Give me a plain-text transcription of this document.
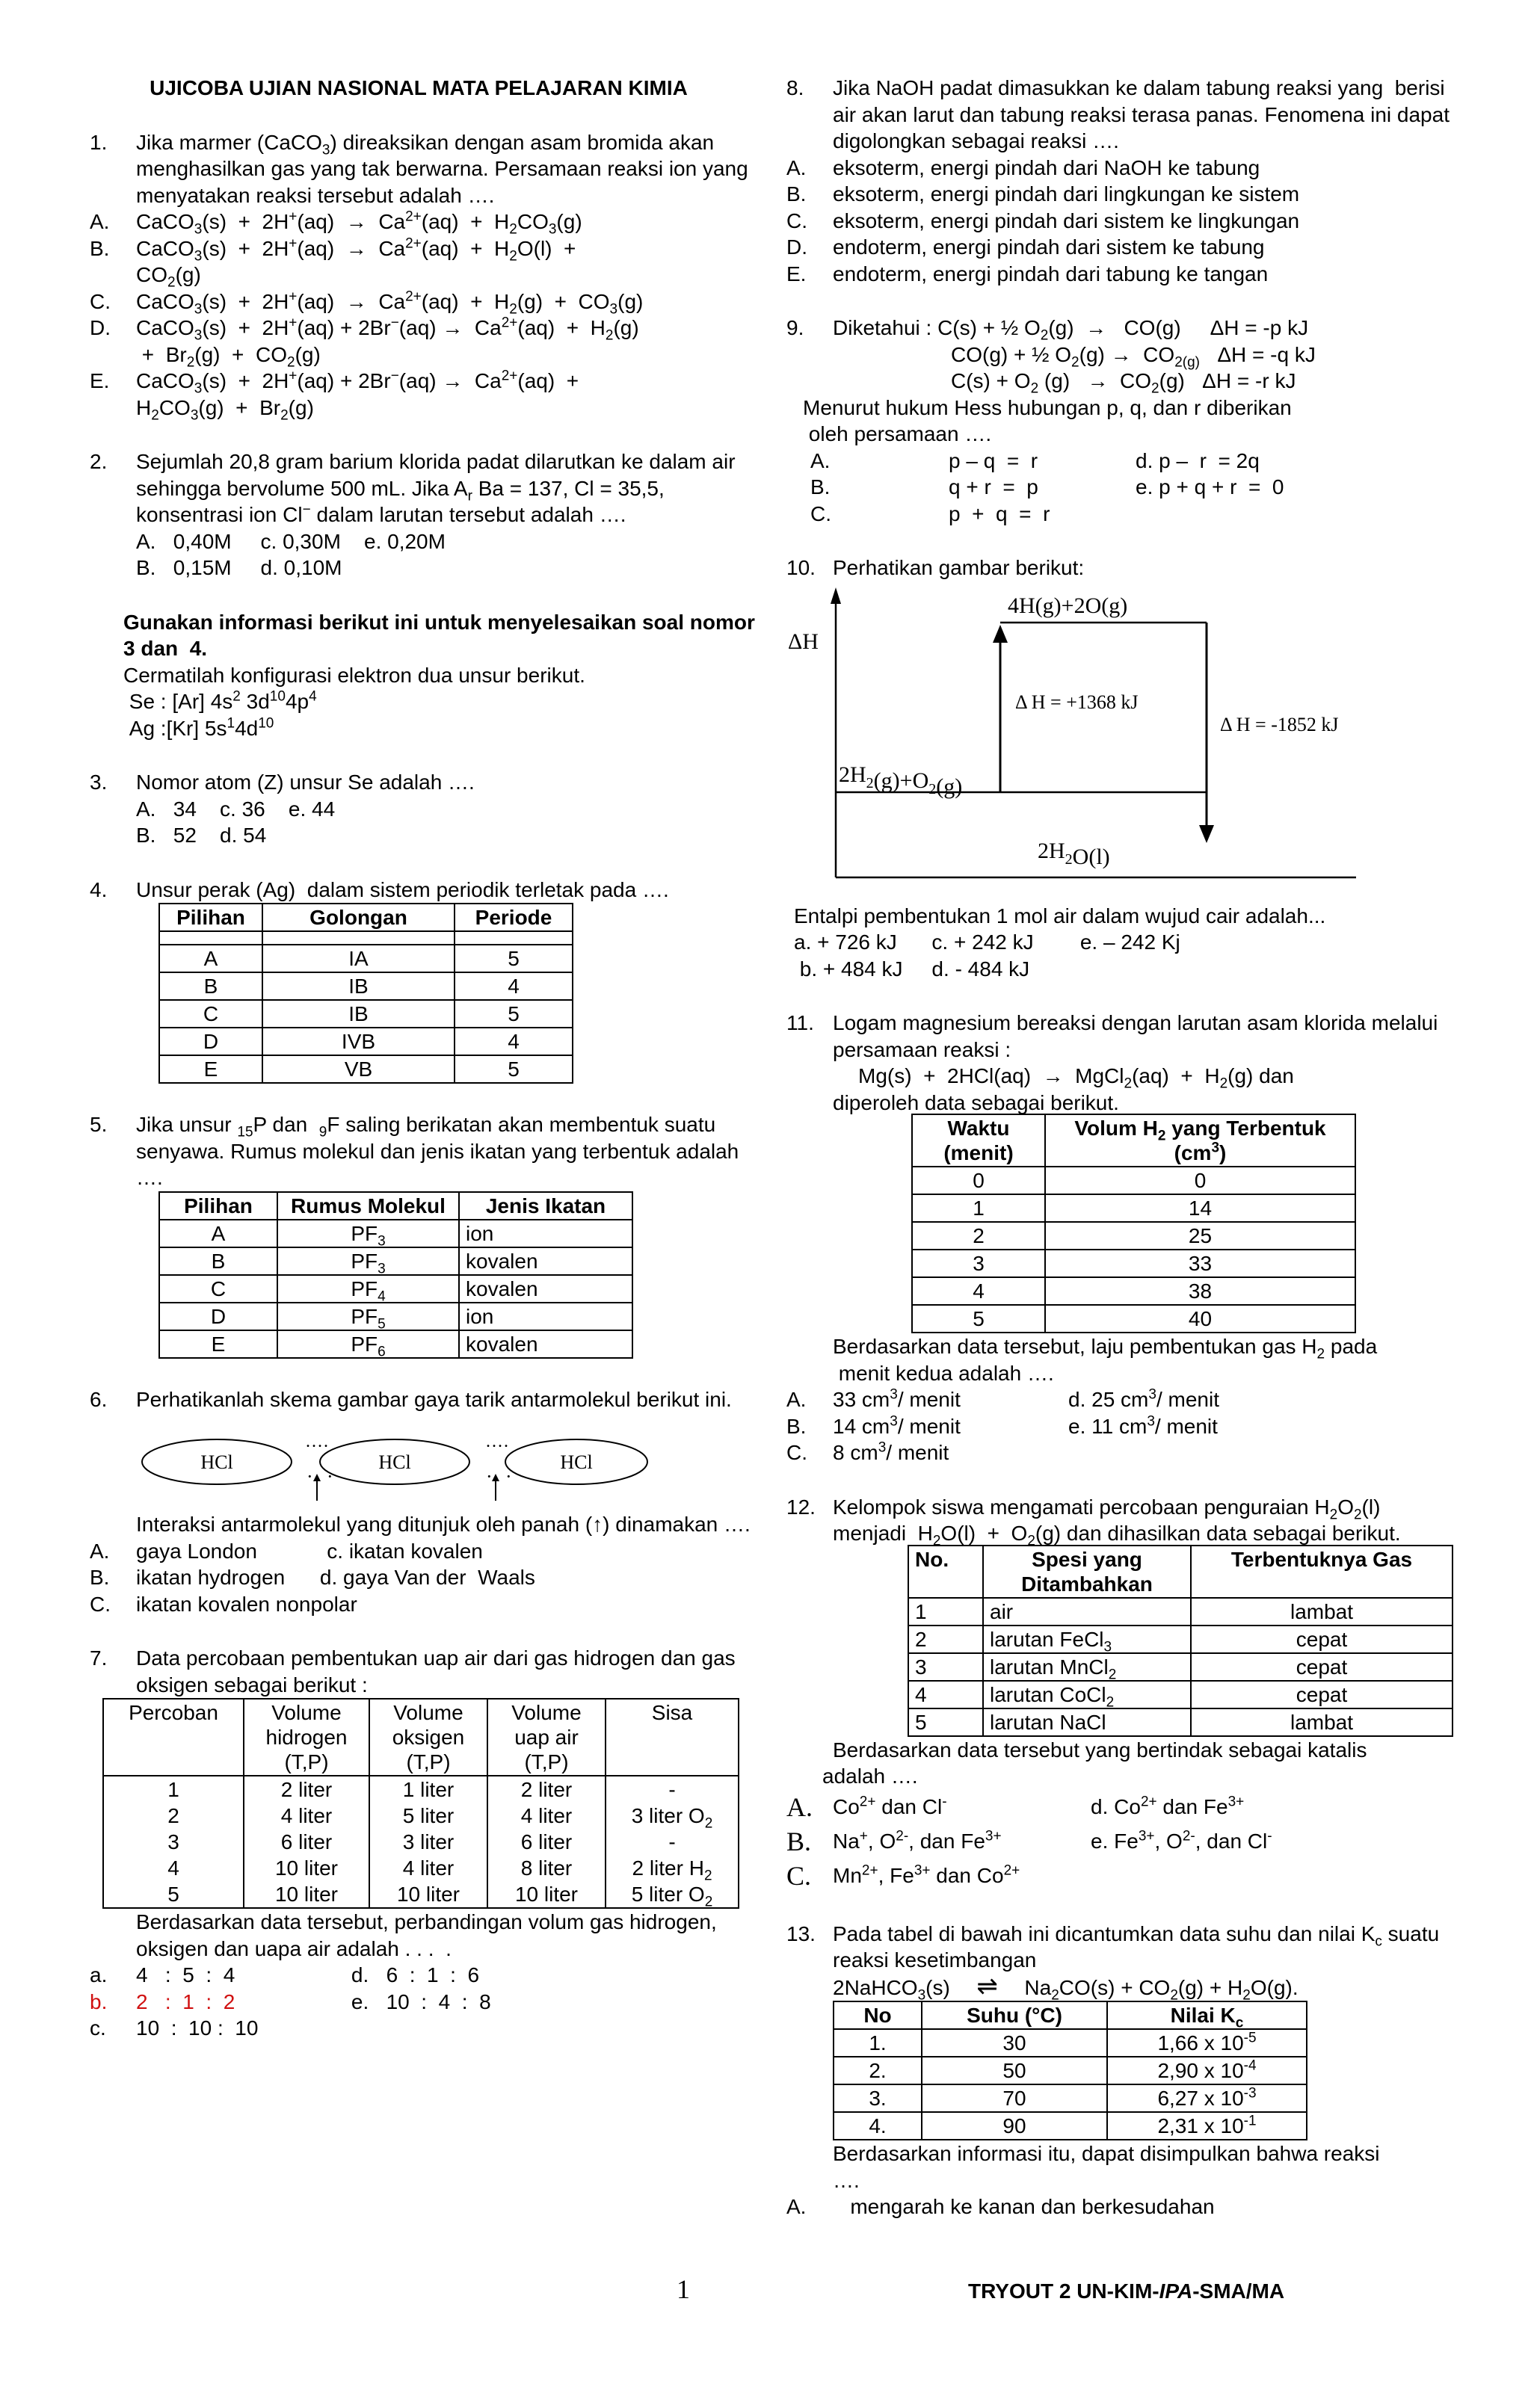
UJICOBA UJIAN NASIONAL MATA PELAJARAN KIMIA
1. Jika marmer (CaCO$_3$) direaksikan dengan asam bromida akan menghasilkan gas yang tak berwarna. Persamaan reaksi ion yang menyatakan reaksi tersebut adalah ….
A. CaCO$_3$(s)  +  $2H^+(aq) \to Ca^{2+}(aq) + H_2CO_3(g)$
B. CaCO$_3$(s)  +  $2H^+(aq) \to Ca^{2+}(aq) + H_2O(l)$  +
$CO_2(g)$
C. CaCO$_3$(s)  +  $2H^+(aq) \to Ca^{2+}(aq) + H_2(g) + CO_3(g)$
D. CaCO$_3$(s)  +  $2H^+(aq) + 2Br^-(aq) \to Ca^{2+}(aq) + H_2(g)$
+  $Br_2(g) + CO_2(g)$
E. CaCO$_3$(s)  +  $2H^+(aq) + 2Br^-(aq) \to Ca^{2+}(aq)$  +
$H_2CO_3(g) + Br_2(g)$
2. Sejumlah 20,8 gram barium klorida padat dilarutkan ke dalam air sehingga bervolume 500 mL. Jika $A_r$ Ba = 137, Cl = 35,5, konsentrasi ion Cl− dalam larutan tersebut adalah ….
A.   0,40M     c. 0,30M    e. 0,20M
B.   0,15M     d. 0,10M
Gunakan informasi berikut ini untuk menyelesaikan soal nomor 3 dan  4.
Cermatilah konfigurasi elektron dua unsur berikut.
Se : [Ar] $4s^2$ $3d^{10}4p^4$
Ag :[Kr] $5s^14d^{10}$
3. Nomor atom (Z) unsur Se adalah ….
A.   34    c. 36    e. 44
B.   52    d. 54
4. Unsur perak (Ag)  dalam sistem periodik terletak pada ….
Pilihan	Golongan	Periode

A	IA	5
B	IB	4
C	IB	5
D	IVB	4
E	VB	5
5. Jika unsur $_{15}$P dan  $_9$F saling berikatan akan membentuk suatu senyawa. Rumus molekul dan jenis ikatan yang terbentuk adalah ….
Pilihan	Rumus Molekul	Jenis Ikatan
A	$PF_3$	ion
B	$PF_3$	kovalen
C	$PF_4$	kovalen
D	$PF_5$	ion
E	$PF_6$	kovalen
6. Perhatikanlah skema gambar gaya tarik antarmolekul berikut ini.
HCl	HCl	HCl
....	....
· ·	· ·
Interaksi antarmolekul yang ditunjuk oleh panah (↑) dinamakan ….
A. gaya London            c. ikatan kovalen
B. ikatan hydrogen      d. gaya Van der  Waals
C. ikatan kovalen nonpolar
7. Data percobaan pembentukan uap air dari gas hidrogen dan gas oksigen sebagai berikut :
Percoban	Volume hidrogen (T,P)	Volume oksigen (T,P)	Volume uap air (T,P)	Sisa
1	2 liter	1 liter	2 liter	-
2	4 liter	5 liter	4 liter	3 liter $O_2$
3	6 liter	3 liter	6 liter	-
4	10 liter	4 liter	8 liter	2 liter $H_2$
5	10 liter	10 liter	10 liter	5 liter $O_2$
Berdasarkan data tersebut, perbandingan volum gas hidrogen, oksigen dan uapa air adalah . . .  .
a. 4   :  5  :  4                    d.   6  :  1  :  6
b. 2   :  1  :  2                    e.   10  :  4  :  8
c. 10  :  10 :  10
8. Jika NaOH padat dimasukkan ke dalam tabung reaksi yang  berisi air akan larut dan tabung reaksi terasa panas. Fenomena ini dapat digolongkan sebagai reaksi ….
A. eksoterm, energi pindah dari NaOH ke tabung
B. eksoterm, energi pindah dari lingkungan ke sistem
C. eksoterm, energi pindah dari sistem ke lingkungan
D. endoterm, energi pindah dari sistem ke tabung
E. endoterm, energi pindah dari tabung ke tangan
9. Diketahui : C(s) + ½ $O_2(g) \to CO(g)$     ΔH = -p kJ
CO(g) + ½ $O_2(g) \to CO_{2(g)}$   ΔH = -q kJ
$C(s) + O_2$ $(g) \to CO_2(g) \Delta H = -r$ kJ
Menurut hukum Hess hubungan p, q, dan r diberikan
oleh persamaan ….
A.	p – q  =  r	d. p –  r  = 2q
B.	q + r  =  p	e. p + q + r  =  0
C.	p  +  q  =  r
10. Perhatikan gambar berikut:
ΔH
4H(g)+2O(g)
$2H_2(g)+O_2(g)$
Δ H = +1368 kJ
Δ H = -1852 kJ
$2H_2O(l)$
Entalpi pembentukan 1 mol air dalam wujud cair adalah...
a. + 726 kJ      c. + 242 kJ        e. – 242 Kj
b. + 484 kJ     d. - 484 kJ
11. Logam magnesium bereaksi dengan larutan asam klorida melalui persamaan reaksi :
Mg(s)  +  2HCl(aq)  →  MgCl$_2$(aq)  +  $H_2(g)$ dan
diperoleh data sebagai berikut.
Waktu (menit)	Volum $H_2$ yang Terbentuk $(cm^3)$
0	0
1	14
2	25
3	33
4	38
5	40
Berdasarkan data tersebut, laju pembentukan gas $H_2$ pada
menit kedua adalah ….
A. 33 $cm^3/$ menit	d. 25 $cm^3/$ menit
B. 14 $cm^3/$ menit	e. 11 $cm^3/$ menit
C. 8 $cm^3/$ menit
12. Kelompok siswa mengamati percobaan penguraian $H_2O_2(l)$ menjadi  $H_2O(l) + O_2(g)$ dan dihasilkan data sebagai berikut.
No.	Spesi yang Ditambahkan	Terbentuknya Gas
1	air	lambat
2	larutan FeCl$_3$	cepat
3	larutan MnCl$_2$	cepat
4	larutan CoCl$_2$	cepat
5	larutan NaCl	lambat
Berdasarkan data tersebut yang bertindak sebagai katalis
adalah ….
A. $Co^{2+}$ dan Cl-	d. $Co^{2+}$ dan $Fe^{3+}$
B. Na+, $O^{2-}$, dan $Fe^{3+}$	e. $Fe^{3+}$, $O^{2-}$, dan Cl-
C. $Mn^{2+}$, $Fe^{3+}$ dan $Co^{2+}$
13. Pada tabel di bawah ini dicantumkan data suhu dan nilai $K_c$ suatu reaksi kesetimbangan
2NaHCO$_3$(s) ⇌ $Na_2CO(s) + CO_2(g) + H_2O(g)$.
No	Suhu (°C)	Nilai $K_c$
1.	30	1,66 x $10^{-5}$
2.	50	2,90 x $10^{-4}$
3.	70	6,27 x $10^{-3}$
4.	90	2,31 x $10^{-1}$
Berdasarkan informasi itu, dapat disimpulkan bahwa reaksi
….
A. mengarah ke kanan dan berkesudahan
1	TRYOUT 2 UN-KIM-IPA-SMA/MA
